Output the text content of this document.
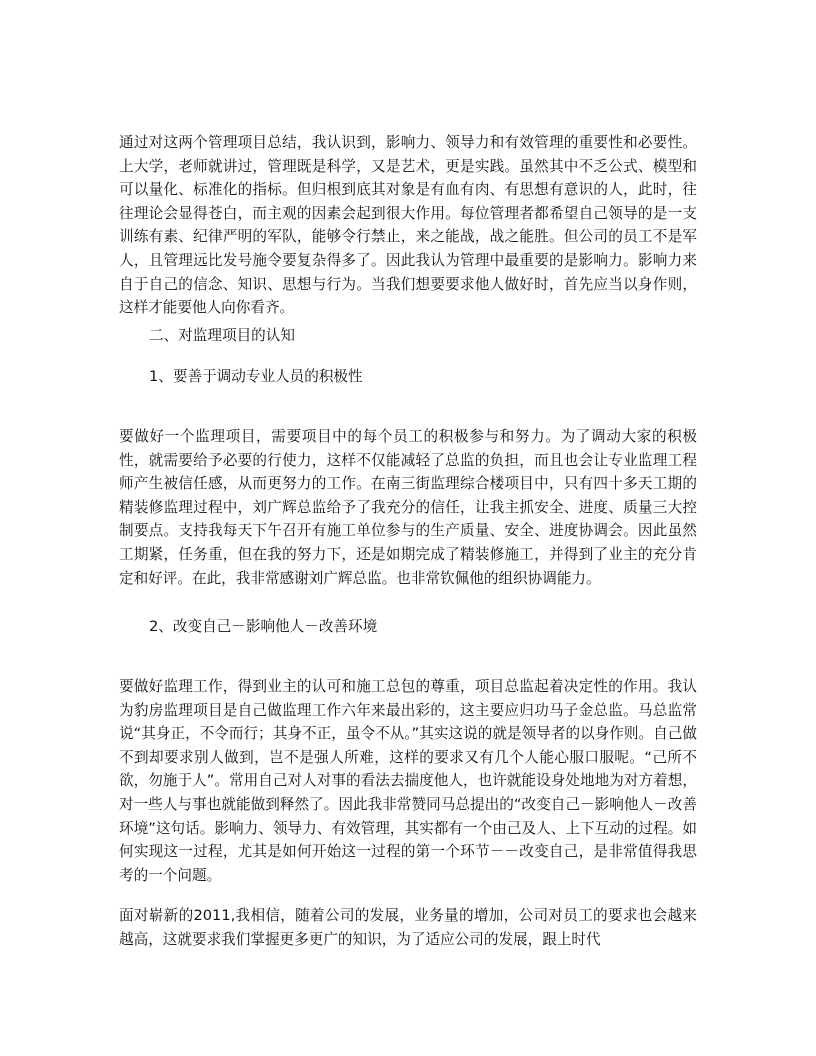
通过对这两个管理项目总结，我认识到，影响力、领导力和有效管理的重要性和必要性。上大学，老师就讲过，管理既是科学，又是艺术，更是实践。虽然其中不乏公式、模型和可以量化、标准化的指标。但归根到底其对象是有血有肉、有思想有意识的人，此时，往往理论会显得苍白，而主观的因素会起到很大作用。每位管理者都希望自己领导的是一支训练有素、纪律严明的军队，能够令行禁止，来之能战，战之能胜。但公司的员工不是军人，且管理远比发号施令要复杂得多了。因此我认为管理中最重要的是影响力。影响力来自于自己的信念、知识、思想与行为。当我们想要要求他人做好时，首先应当以身作则，这样才能要他人向你看齐。

二、对监理项目的认知

1、要善于调动专业人员的积极性

要做好一个监理项目，需要项目中的每个员工的积极参与和努力。为了调动大家的积极性，就需要给予必要的行使力，这样不仅能减轻了总监的负担，而且也会让专业监理工程师产生被信任感，从而更努力的工作。在南三街监理综合楼项目中，只有四十多天工期的精装修监理过程中，刘广辉总监给予了我充分的信任，让我主抓安全、进度、质量三大控制要点。支持我每天下午召开有施工单位参与的生产质量、安全、进度协调会。因此虽然工期紧，任务重，但在我的努力下，还是如期完成了精装修施工，并得到了业主的充分肯定和好评。在此，我非常感谢刘广辉总监。也非常钦佩他的组织协调能力。

2、改变自己－影响他人－改善环境

要做好监理工作，得到业主的认可和施工总包的尊重，项目总监起着决定性的作用。我认为豹房监理项目是自己做监理工作六年来最出彩的，这主要应归功马子金总监。马总监常说“其身正，不令而行；其身不正，虽令不从。”其实这说的就是领导者的以身作则。自己做不到却要求别人做到，岂不是强人所难，这样的要求又有几个人能心服口服呢。“己所不欲，勿施于人”。常用自己对人对事的看法去揣度他人，也许就能设身处地地为对方着想，对一些人与事也就能做到释然了。因此我非常赞同马总提出的“改变自己－影响他人－改善环境”这句话。影响力、领导力、有效管理，其实都有一个由己及人、上下互动的过程。如何实现这一过程，尤其是如何开始这一过程的第一个环节－－改变自己，是非常值得我思考的一个问题。

面对崭新的2011,我相信，随着公司的发展，业务量的增加，公司对员工的要求也会越来越高，这就要求我们掌握更多更广的知识，为了适应公司的发展，跟上时代
